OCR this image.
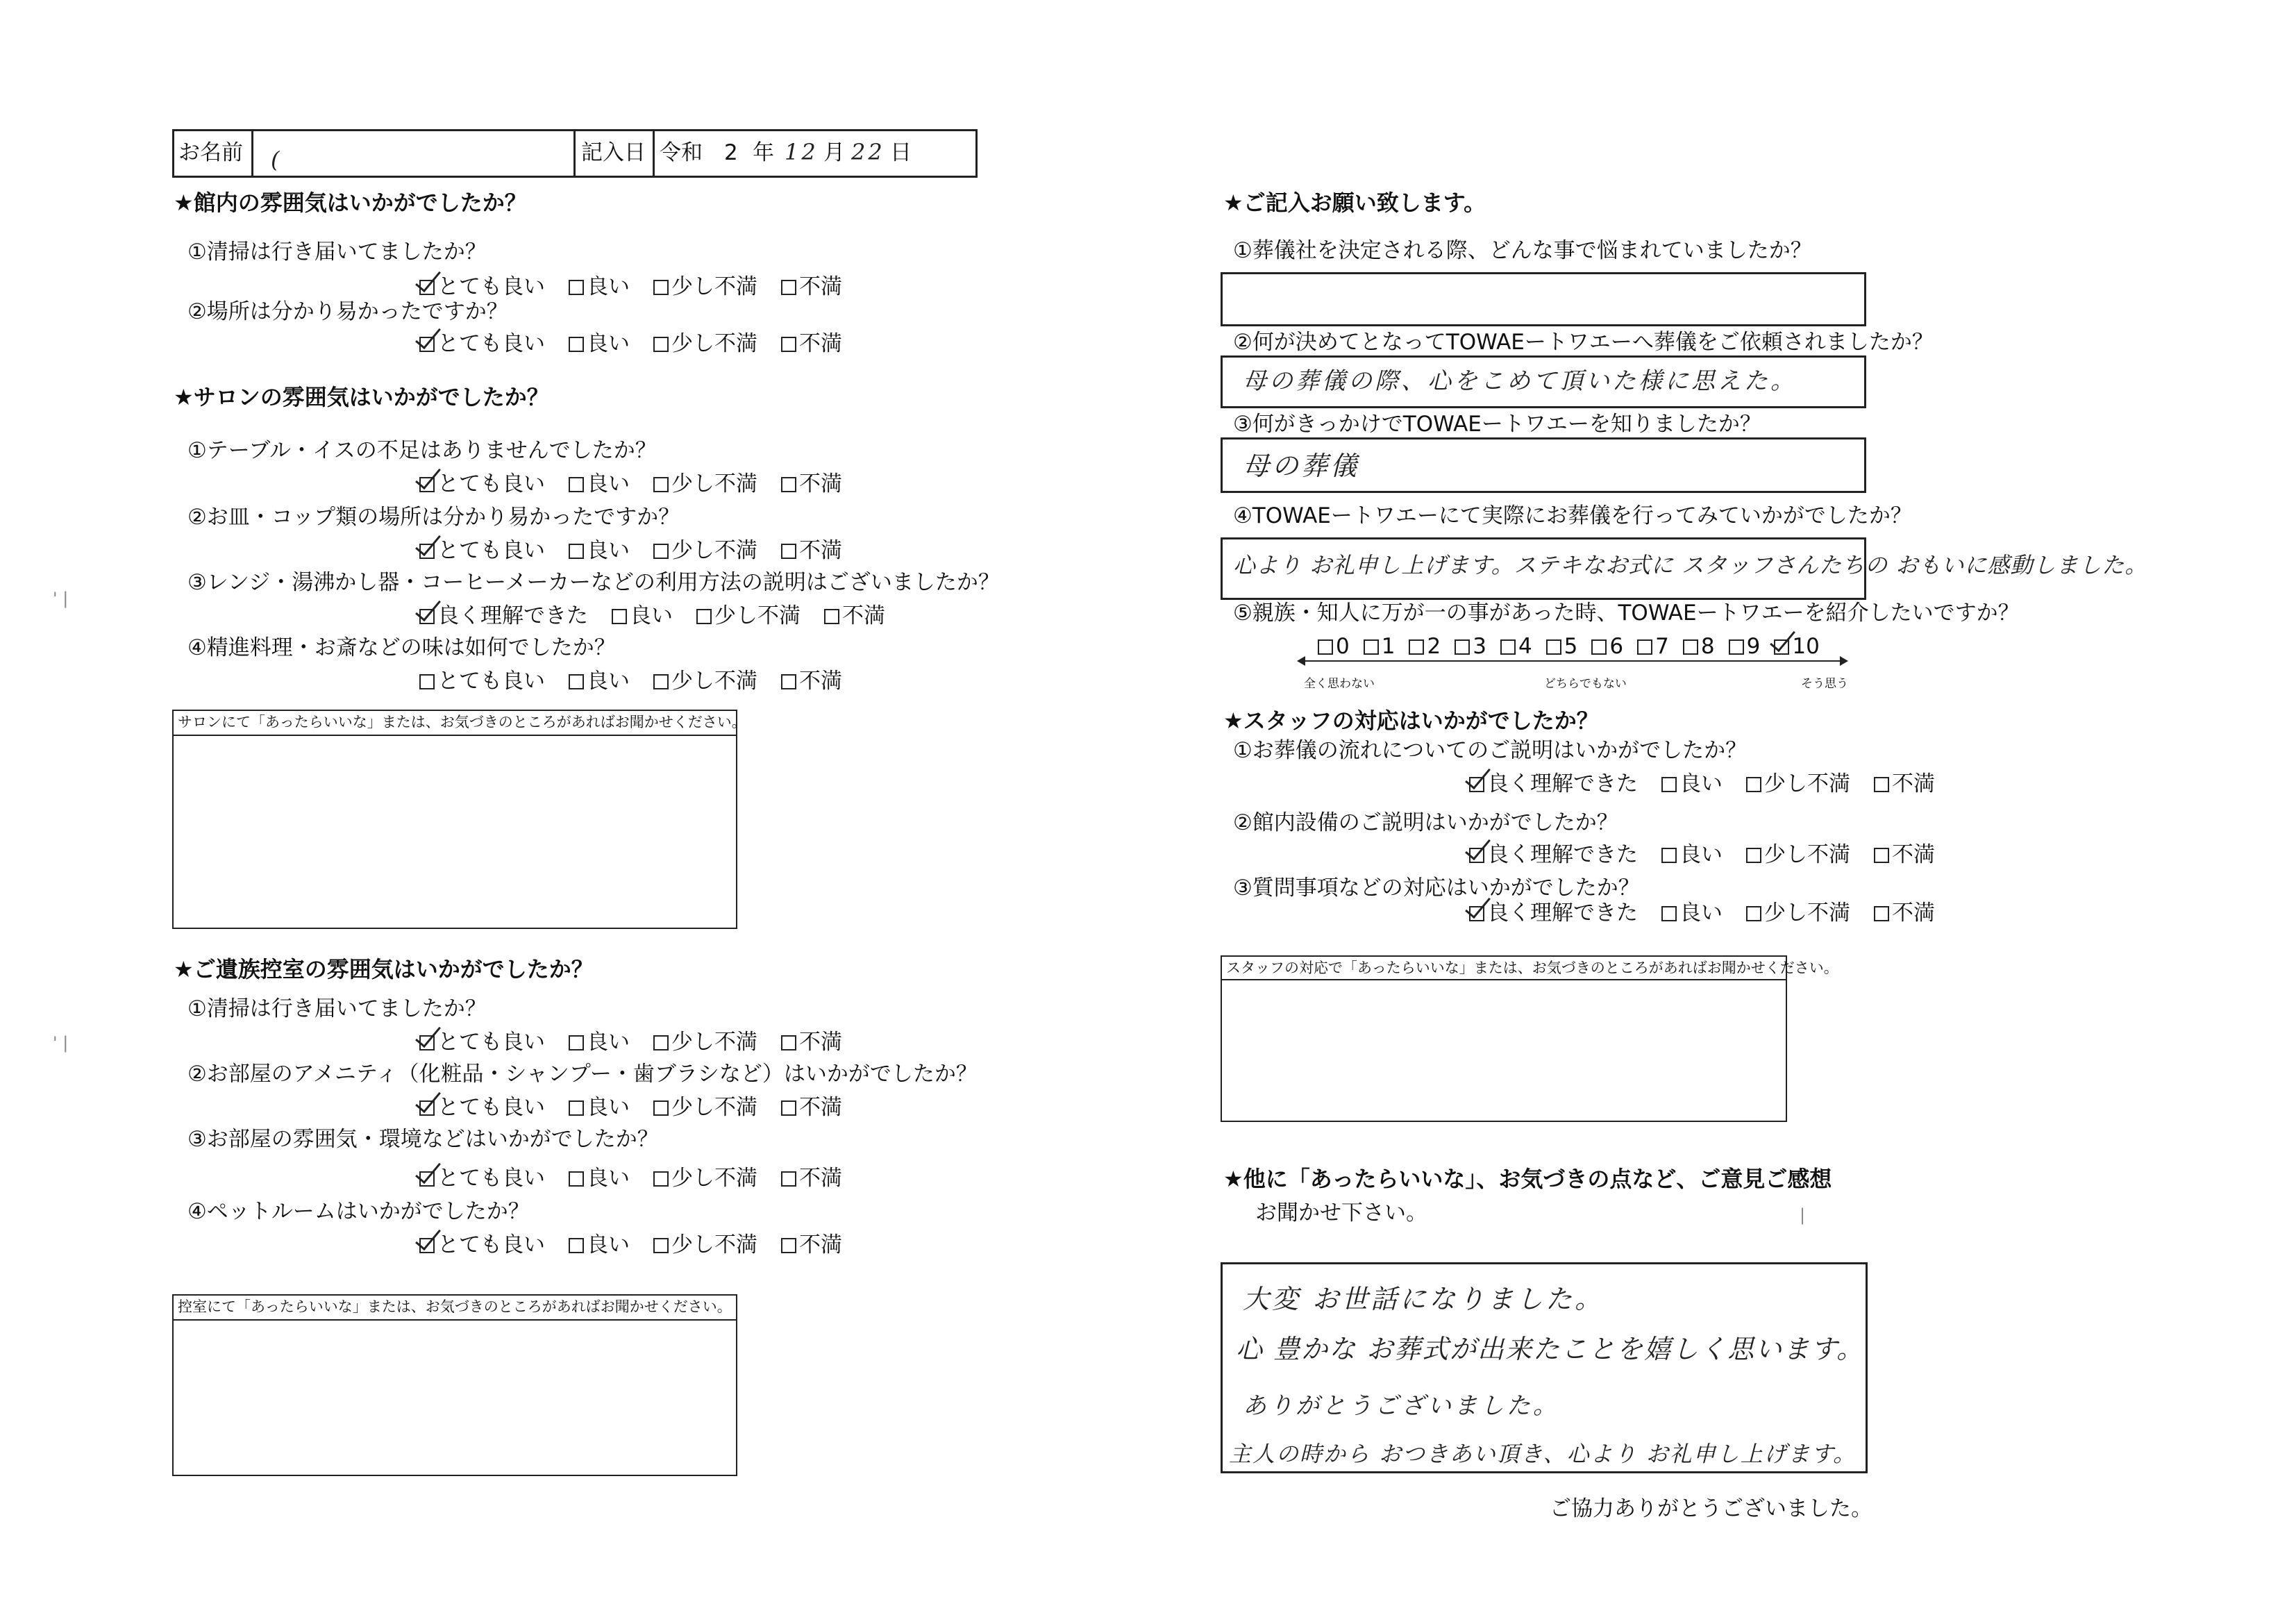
お名前 (	記入日 令和 2 年 12 月 22 日
★館内の雰囲気はいかがでしたか？
①清掃は行き届いてましたか？
とても良い 良い 少し不満 不満
②場所は分かり易かったですか？
とても良い 良い 少し不満 不満
★サロンの雰囲気はいかがでしたか？
①テーブル・イスの不足はありませんでしたか？
とても良い 良い 少し不満 不満
②お皿・コップ類の場所は分かり易かったですか？
とても良い 良い 少し不満 不満
③レンジ・湯沸かし器・コーヒーメーカーなどの利用方法の説明はございましたか？
良く理解できた 良い 少し不満 不満
④精進料理・お斎などの味は如何でしたか？
とても良い 良い 少し不満 不満
サロンにて「あったらいいな」または、お気づきのところがあればお聞かせください。
★ご遺族控室の雰囲気はいかがでしたか？
①清掃は行き届いてましたか？
とても良い 良い 少し不満 不満
②お部屋のアメニティ（化粧品・シャンプー・歯ブラシなど）はいかがでしたか？
とても良い 良い 少し不満 不満
③お部屋の雰囲気・環境などはいかがでしたか？
とても良い 良い 少し不満 不満
④ペットルームはいかがでしたか？
とても良い 良い 少し不満 不満
控室にて「あったらいいな」または、お気づきのところがあればお聞かせください。
★ご記入お願い致します。
①葬儀社を決定される際、どんな事で悩まれていましたか？
②何が決めてとなってTOWAEートワエーへ葬儀をご依頼されましたか？
母の葬儀の際、心をこめて頂いた様に思えた。
③何がきっかけでTOWAEートワエーを知りましたか？
母の葬儀
④TOWAEートワエーにて実際にお葬儀を行ってみていかがでしたか？
心より お礼申し上げます。ステキなお式に スタッフさんたちの おもいに感動しました。
⑤親族・知人に万が一の事があった時、TOWAEートワエーを紹介したいですか？
0 1 2 3 4 5 6 7 8 9 10
全く思わない	どちらでもない	そう思う
★スタッフの対応はいかがでしたか？
①お葬儀の流れについてのご説明はいかがでしたか？
良く理解できた 良い 少し不満 不満
②館内設備のご説明はいかがでしたか？
良く理解できた 良い 少し不満 不満
③質問事項などの対応はいかがでしたか？
良く理解できた 良い 少し不満 不満
スタッフの対応で「あったらいいな」または、お気づきのところがあればお聞かせください。
★他に「あったらいいな」、お気づきの点など、ご意見ご感想
お聞かせ下さい。
大変 お世話になりました。
心 豊かな お葬式が出来たことを嬉しく思います。
ありがとうございました。
主人の時から おつきあい頂き、心より お礼申し上げます。
ご協力ありがとうございました。
' |
' |
|
